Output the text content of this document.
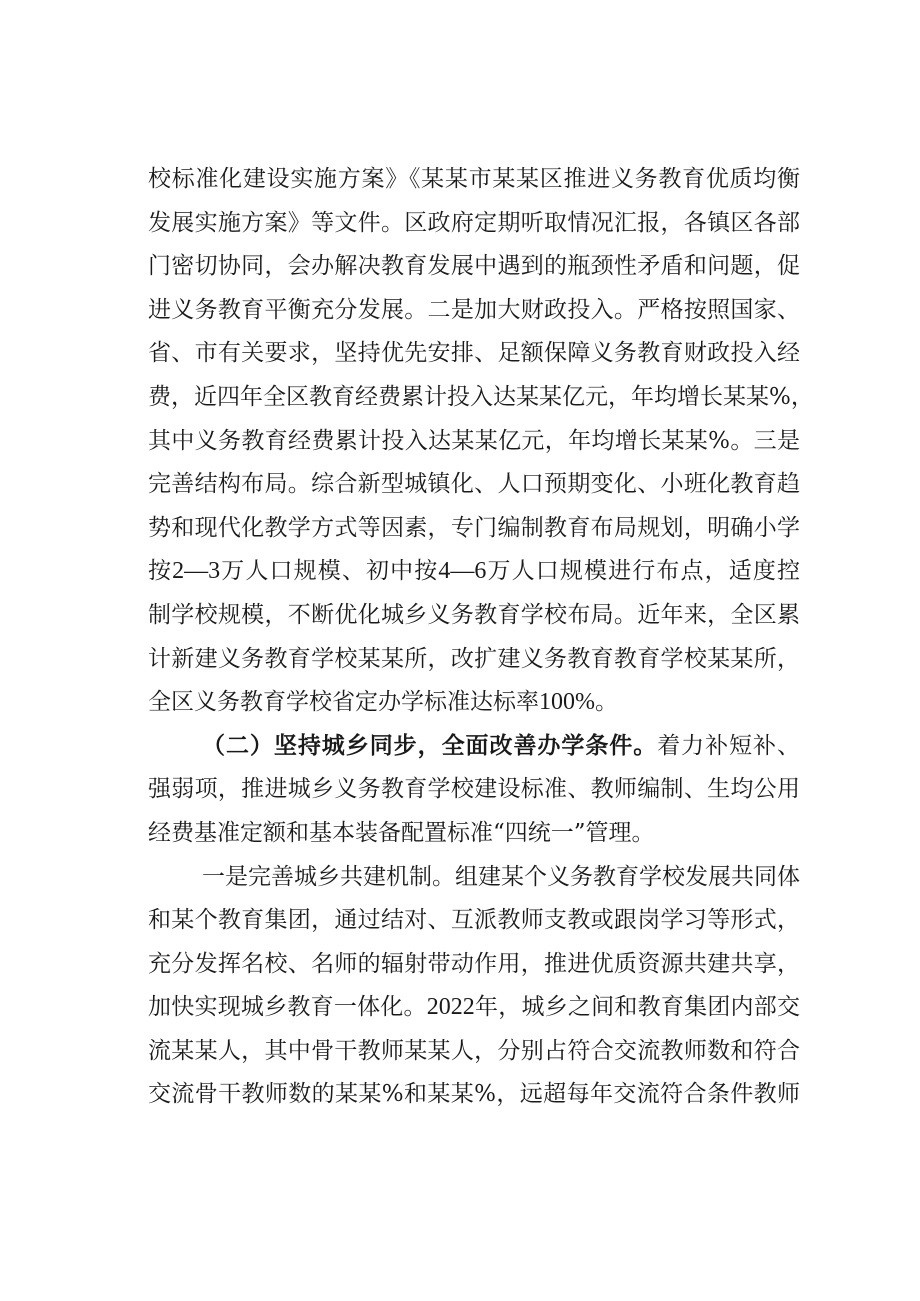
校标准化建设实施方案》《某某市某某区推进义务教育优质均衡
发展实施方案》等文件。区政府定期听取情况汇报，各镇区各部
门密切协同，会办解决教育发展中遇到的瓶颈性矛盾和问题，促
进义务教育平衡充分发展。二是加大财政投入。严格按照国家、
省、市有关要求，坚持优先安排、足额保障义务教育财政投入经
费，近四年全区教育经费累计投入达某某亿元，年均增长某某%，
其中义务教育经费累计投入达某某亿元，年均增长某某%。三是
完善结构布局。综合新型城镇化、人口预期变化、小班化教育趋
势和现代化教学方式等因素，专门编制教育布局规划，明确小学
按2—3万人口规模、初中按4—6万人口规模进行布点，适度控
制学校规模，不断优化城乡义务教育学校布局。近年来，全区累
计新建义务教育学校某某所，改扩建义务教育教育学校某某所，
全区义务教育学校省定办学标准达标率100%。
（二）坚持城乡同步，全面改善办学条件。着力补短补、
强弱项，推进城乡义务教育学校建设标准、教师编制、生均公用
经费基准定额和基本装备配置标准“四统一”管理。
一是完善城乡共建机制。组建某个义务教育学校发展共同体
和某个教育集团，通过结对、互派教师支教或跟岗学习等形式，
充分发挥名校、名师的辐射带动作用，推进优质资源共建共享，
加快实现城乡教育一体化。2022年，城乡之间和教育集团内部交
流某某人，其中骨干教师某某人，分别占符合交流教师数和符合
交流骨干教师数的某某%和某某%，远超每年交流符合条件教师
